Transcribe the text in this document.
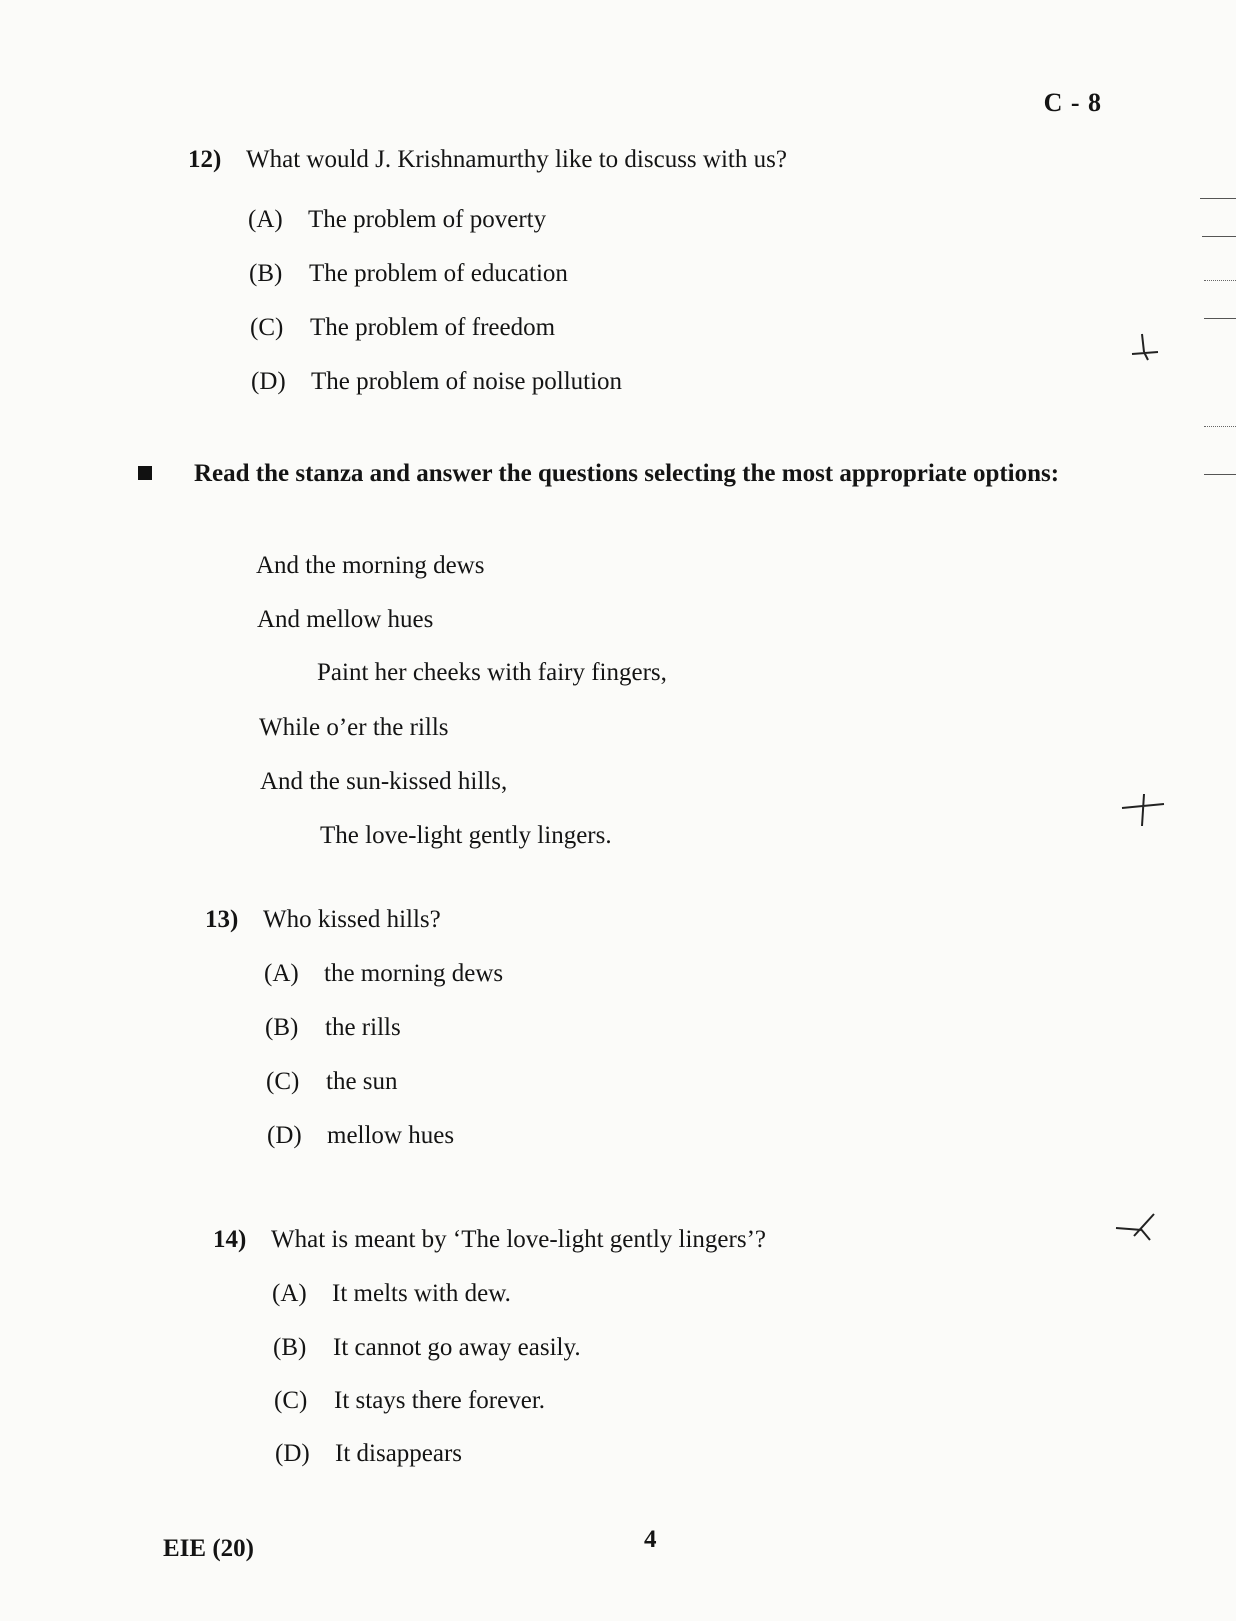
C - 8
12) What would J. Krishnamurthy like to discuss with us?
(A) The problem of poverty
(B) The problem of education
(C) The problem of freedom
(D) The problem of noise pollution
Read the stanza and answer the questions selecting the most appropriate options:
And the morning dews
And mellow hues
Paint her cheeks with fairy fingers,
While o’er the rills
And the sun-kissed hills,
The love-light gently lingers.
13) Who kissed hills?
(A) the morning dews
(B) the rills
(C) the sun
(D) mellow hues
14) What is meant by ‘The love-light gently lingers’?
(A) It melts with dew.
(B) It cannot go away easily.
(C) It stays there forever.
(D) It disappears
EIE (20)	4
